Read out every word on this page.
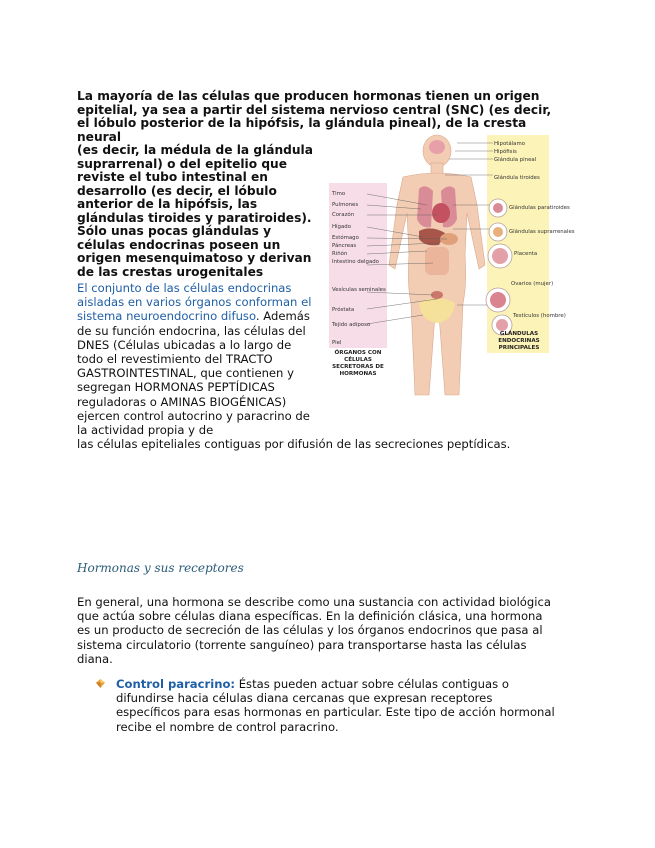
La mayoría de las células que producen hormonas tienen un origen epitelial, ya sea a partir del sistema nervioso central (SNC) (es decir, el lóbulo posterior de la hipófsis, la glándula pineal), de la cresta neural
(es decir, la médula de la glándula suprarrenal) o del epitelio que reviste el tubo intestinal en desarrollo (es decir, el lóbulo anterior de la hipófsis, las glándulas tiroides y paratiroides). Sólo unas pocas glándulas y células endocrinas poseen un origen mesenquimatoso y derivan de las crestas urogenitales
Timo
Pulmones
Corazón
Hígado
Estómago
Páncreas
Riñón
Intestino delgado
Vesículas seminales
Próstata
Tejido adiposo
Piel
Hipotálamo
Hipófisis
Glándula pineal
Glándula tiroides
Glándulas paratiroides
Glándulas suprarrenales
Placenta
Ovarios (mujer)
Testículos (hombre)
ÓRGANOS CON CÉLULAS SECRETORAS DE HORMONAS
GLÁNDULAS ENDOCRINAS PRINCIPALES
El conjunto de las células endocrinas aisladas en varios órganos conforman el sistema neuroendocrino difuso. Además de su función endocrina, las células del DNES (Células ubicadas a lo largo de todo el revestimiento del TRACTO GASTROINTESTINAL, que contienen y segregan HORMONAS PEPTÍDICAS reguladoras o AMINAS BIOGÉNICAS) ejercen control autocrino y paracrino de la actividad propia y de
las células epiteliales contiguas por difusión de las secreciones peptídicas.
Hormonas y sus receptores
En general, una hormona se describe como una sustancia con actividad biológica que actúa sobre células diana específicas. En la definición clásica, una hormona es un producto de secreción de las células y los órganos endocrinos que pasa al sistema circulatorio (torrente sanguíneo) para transportarse hasta las células diana.
Control paracrino: Éstas pueden actuar sobre células contiguas o difundirse hacia células diana cercanas que expresan receptores específicos para esas hormonas en particular. Este tipo de acción hormonal recibe el nombre de control paracrino.
